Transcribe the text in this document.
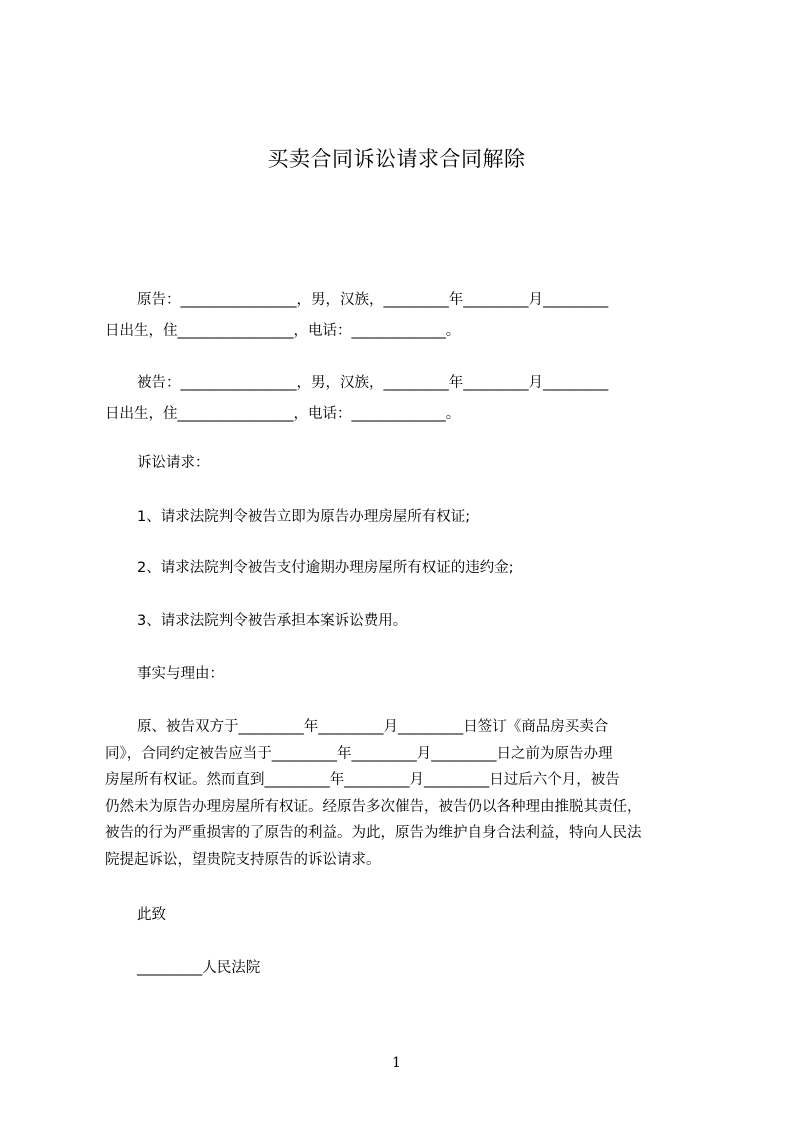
买卖合同诉讼请求合同解除
原告：________________，男，汉族，_________年_________月_________
日出生，住________________，电话：_____________。
被告：________________，男，汉族，_________年_________月_________
日出生，住________________，电话：_____________。
诉讼请求：
1、请求法院判令被告立即为原告办理房屋所有权证;
2、请求法院判令被告支付逾期办理房屋所有权证的违约金;
3、请求法院判令被告承担本案诉讼费用。
事实与理由：
原、被告双方于_________年_________月_________日签订《商品房买卖合
同》，合同约定被告应当于_________年_________月_________日之前为原告办理
房屋所有权证。然而直到_________年_________月_________日过后六个月，被告
仍然未为原告办理房屋所有权证。经原告多次催告，被告仍以各种理由推脱其责任，
被告的行为严重损害的了原告的利益。为此，原告为维护自身合法利益，特向人民法
院提起诉讼，望贵院支持原告的诉讼请求。
此致
_________人民法院
1
